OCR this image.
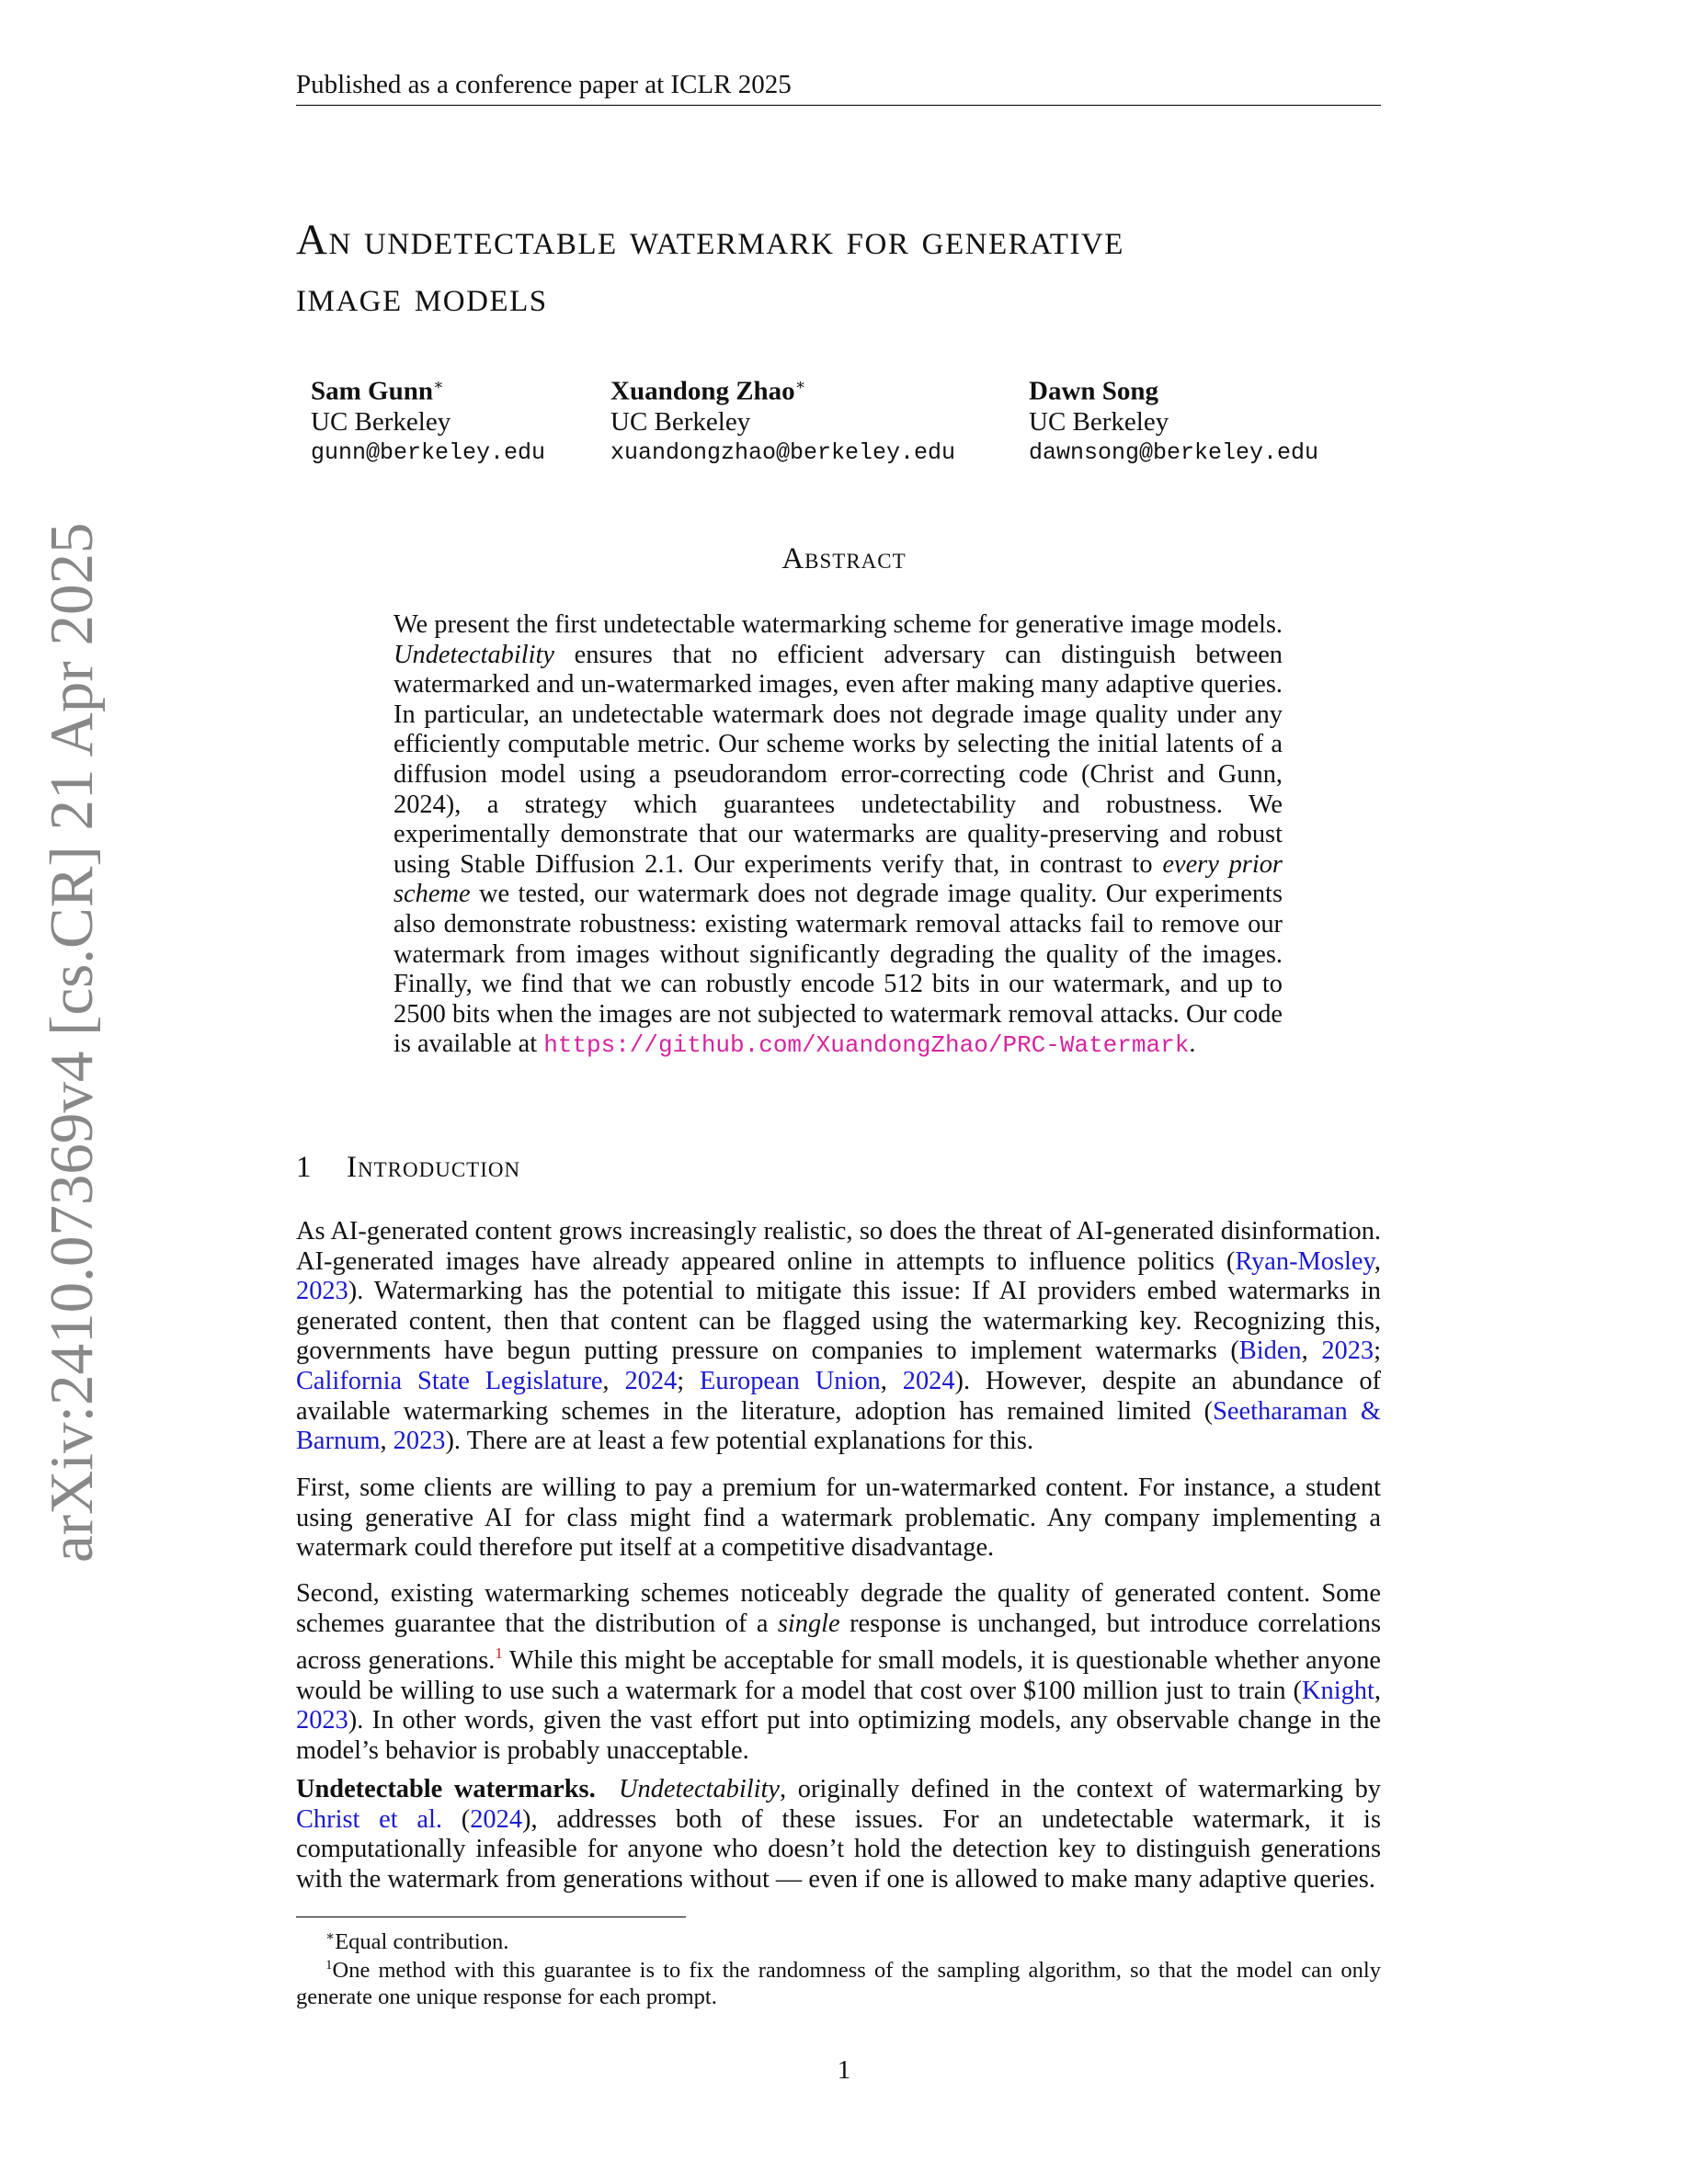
arXiv:2410.07369v4 [cs.CR] 21 Apr 2025
Published as a conference paper at ICLR 2025
An undetectable watermark for generative
image models
Sam Gunn∗
UC Berkeley
gunn@berkeley.edu
Xuandong Zhao∗
UC Berkeley
xuandongzhao@berkeley.edu
Dawn Song
UC Berkeley
dawnsong@berkeley.edu
Abstract
We present the first undetectable watermarking scheme for generative image models. Undetectability ensures that no efficient adversary can distinguish between watermarked and un-watermarked images, even after making many adaptive queries. In particular, an undetectable watermark does not degrade image quality under any efficiently computable metric. Our scheme works by selecting the initial latents of a diffusion model using a pseudorandom error-correcting code (Christ and Gunn, 2024), a strategy which guarantees undetectability and robustness. We experimentally demonstrate that our watermarks are quality-preserving and robust using Stable Diffusion 2.1. Our experiments verify that, in contrast to every prior scheme we tested, our watermark does not degrade image quality. Our experiments also demonstrate robustness: existing watermark removal attacks fail to remove our watermark from images without significantly degrading the quality of the images. Finally, we find that we can robustly encode 512 bits in our watermark, and up to 2500 bits when the images are not subjected to watermark removal attacks. Our code is available at https://github.com/XuandongZhao/PRC-Watermark.
1 Introduction
As AI-generated content grows increasingly realistic, so does the threat of AI-generated disinformation. AI-generated images have already appeared online in attempts to influence politics (Ryan-Mosley, 2023). Watermarking has the potential to mitigate this issue: If AI providers embed watermarks in generated content, then that content can be flagged using the watermarking key. Recognizing this, governments have begun putting pressure on companies to implement watermarks (Biden, 2023; California State Legislature, 2024; European Union, 2024). However, despite an abundance of available watermarking schemes in the literature, adoption has remained limited (Seetharaman & Barnum, 2023). There are at least a few potential explanations for this.
First, some clients are willing to pay a premium for un-watermarked content. For instance, a student using generative AI for class might find a watermark problematic. Any company implementing a watermark could therefore put itself at a competitive disadvantage.
Second, existing watermarking schemes noticeably degrade the quality of generated content. Some schemes guarantee that the distribution of a single response is unchanged, but introduce correlations across generations.$^1$ While this might be acceptable for small models, it is questionable whether anyone would be willing to use such a watermark for a model that cost over $100 million just to train (Knight, 2023). In other words, given the vast effort put into optimizing models, any observable change in the model’s behavior is probably unacceptable.
Undetectable watermarks. Undetectability, originally defined in the context of watermarking by Christ et al. (2024), addresses both of these issues. For an undetectable watermark, it is computationally infeasible for anyone who doesn’t hold the detection key to distinguish generations with the watermark from generations without — even if one is allowed to make many adaptive queries.
∗Equal contribution.
$^1$One method with this guarantee is to fix the randomness of the sampling algorithm, so that the model can only generate one unique response for each prompt.
1
